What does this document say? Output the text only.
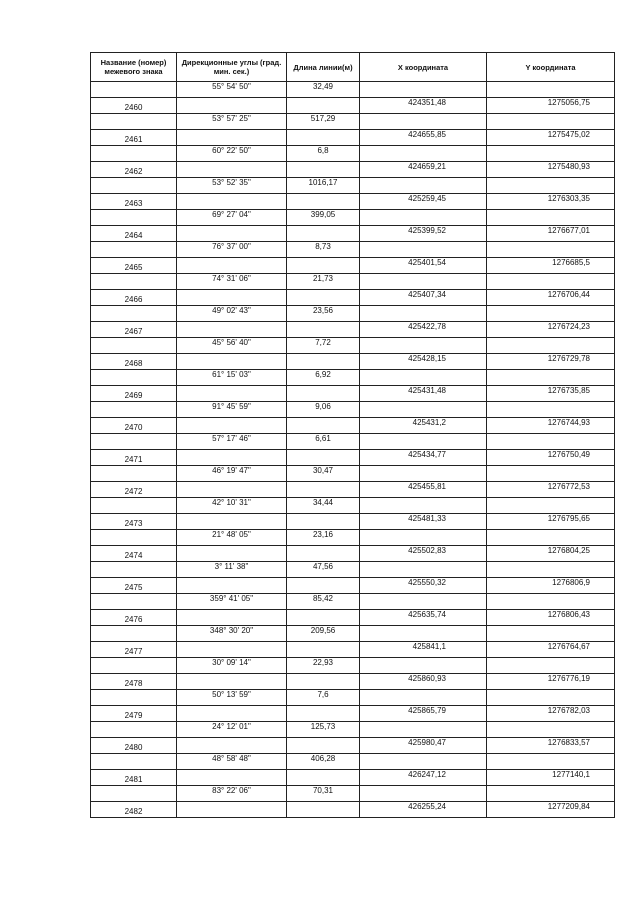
Название (номер) межевого знака	Дирекционные углы (град. мин. сек.)	Длина линии(м)	X координата	Y координата
	55° 54' 50"	32,49		
2460			424351,48	1275056,75
	53° 57' 25"	517,29		
2461			424655,85	1275475,02
	60° 22' 50"	6,8		
2462			424659,21	1275480,93
	53° 52' 35"	1016,17		
2463			425259,45	1276303,35
	69° 27' 04"	399,05		
2464			425399,52	1276677,01
	76° 37' 00"	8,73		
2465			425401,54	1276685,5
	74° 31' 06"	21,73		
2466			425407,34	1276706,44
	49° 02' 43"	23,56		
2467			425422,78	1276724,23
	45° 56' 40"	7,72		
2468			425428,15	1276729,78
	61° 15' 03"	6,92		
2469			425431,48	1276735,85
	91° 45' 59"	9,06		
2470			425431,2	1276744,93
	57° 17' 46"	6,61		
2471			425434,77	1276750,49
	46° 19' 47"	30,47		
2472			425455,81	1276772,53
	42° 10' 31"	34,44		
2473			425481,33	1276795,65
	21° 48' 05"	23,16		
2474			425502,83	1276804,25
	3° 11' 38"	47,56		
2475			425550,32	1276806,9
	359° 41' 05"	85,42		
2476			425635,74	1276806,43
	348° 30' 20"	209,56		
2477			425841,1	1276764,67
	30° 09' 14"	22,93		
2478			425860,93	1276776,19
	50° 13' 59"	7,6		
2479			425865,79	1276782,03
	24° 12' 01"	125,73		
2480			425980,47	1276833,57
	48° 58' 48"	406,28		
2481			426247,12	1277140,1
	83° 22' 06"	70,31		
2482			426255,24	1277209,84
